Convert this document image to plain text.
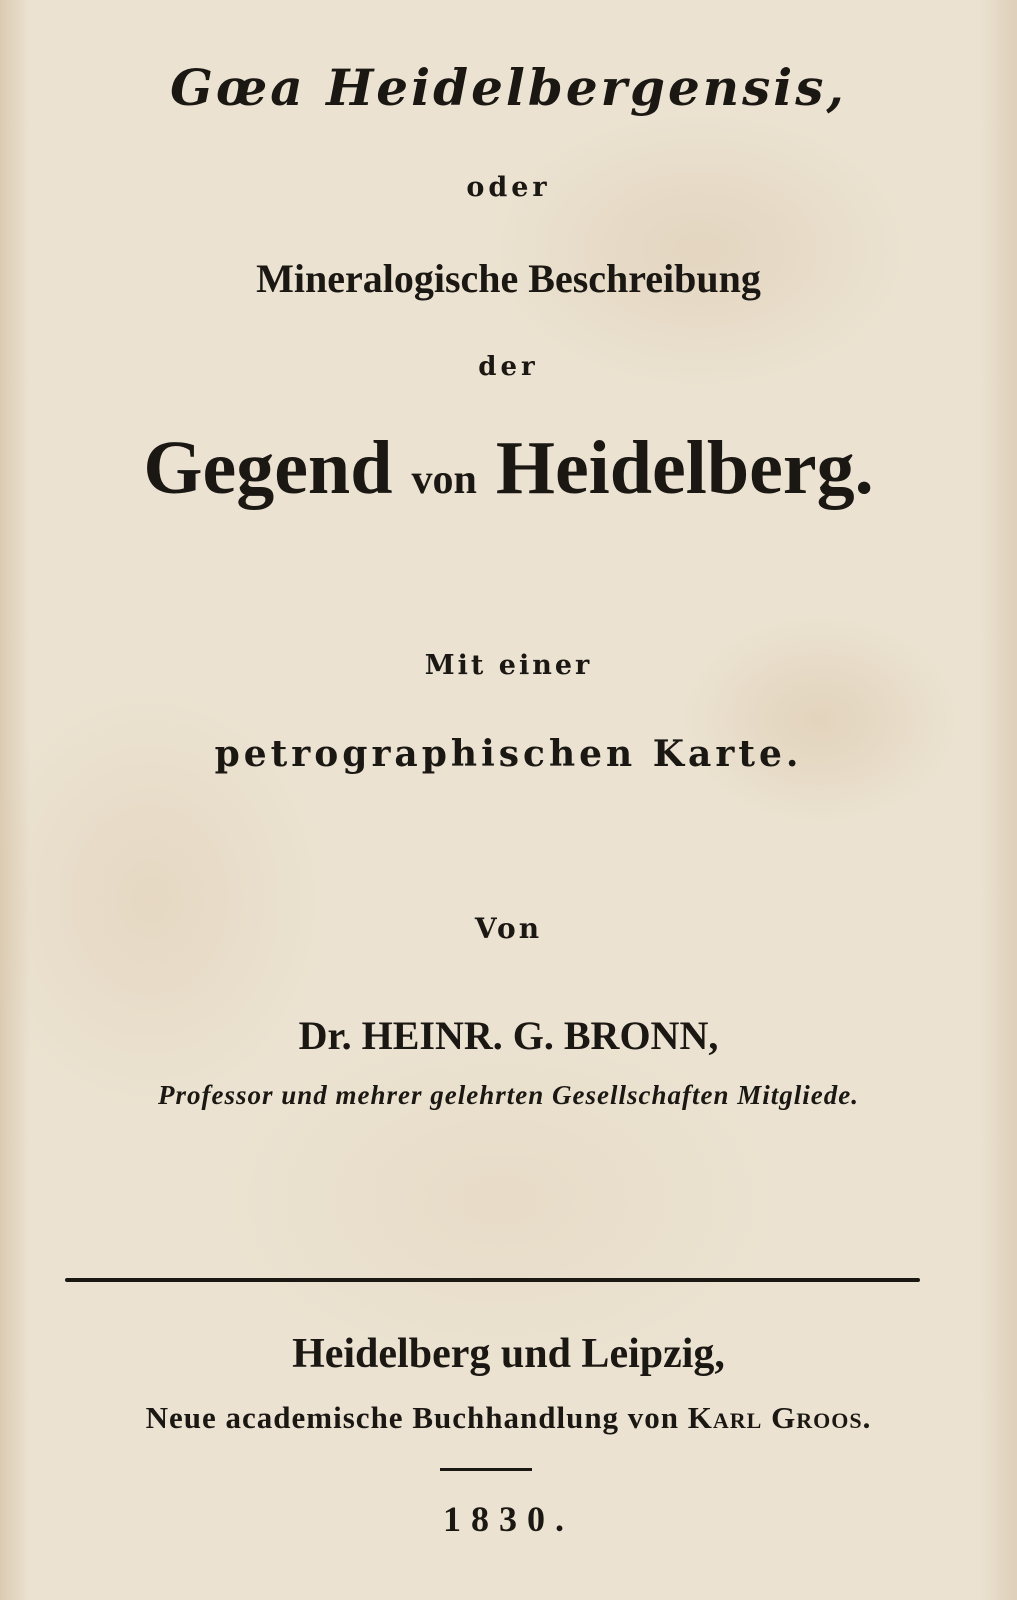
Gœa Heidelbergensis,
oder
Mineralogische Beschreibung
der
Gegend von Heidelberg.
Mit einer
petrographischen Karte.
Von
Dr. HEINR. G. BRONN,
Professor und mehrer gelehrten Gesellschaften Mitgliede.
Heidelberg und Leipzig,
Neue academische Buchhandlung von Karl Groos.
1830.
